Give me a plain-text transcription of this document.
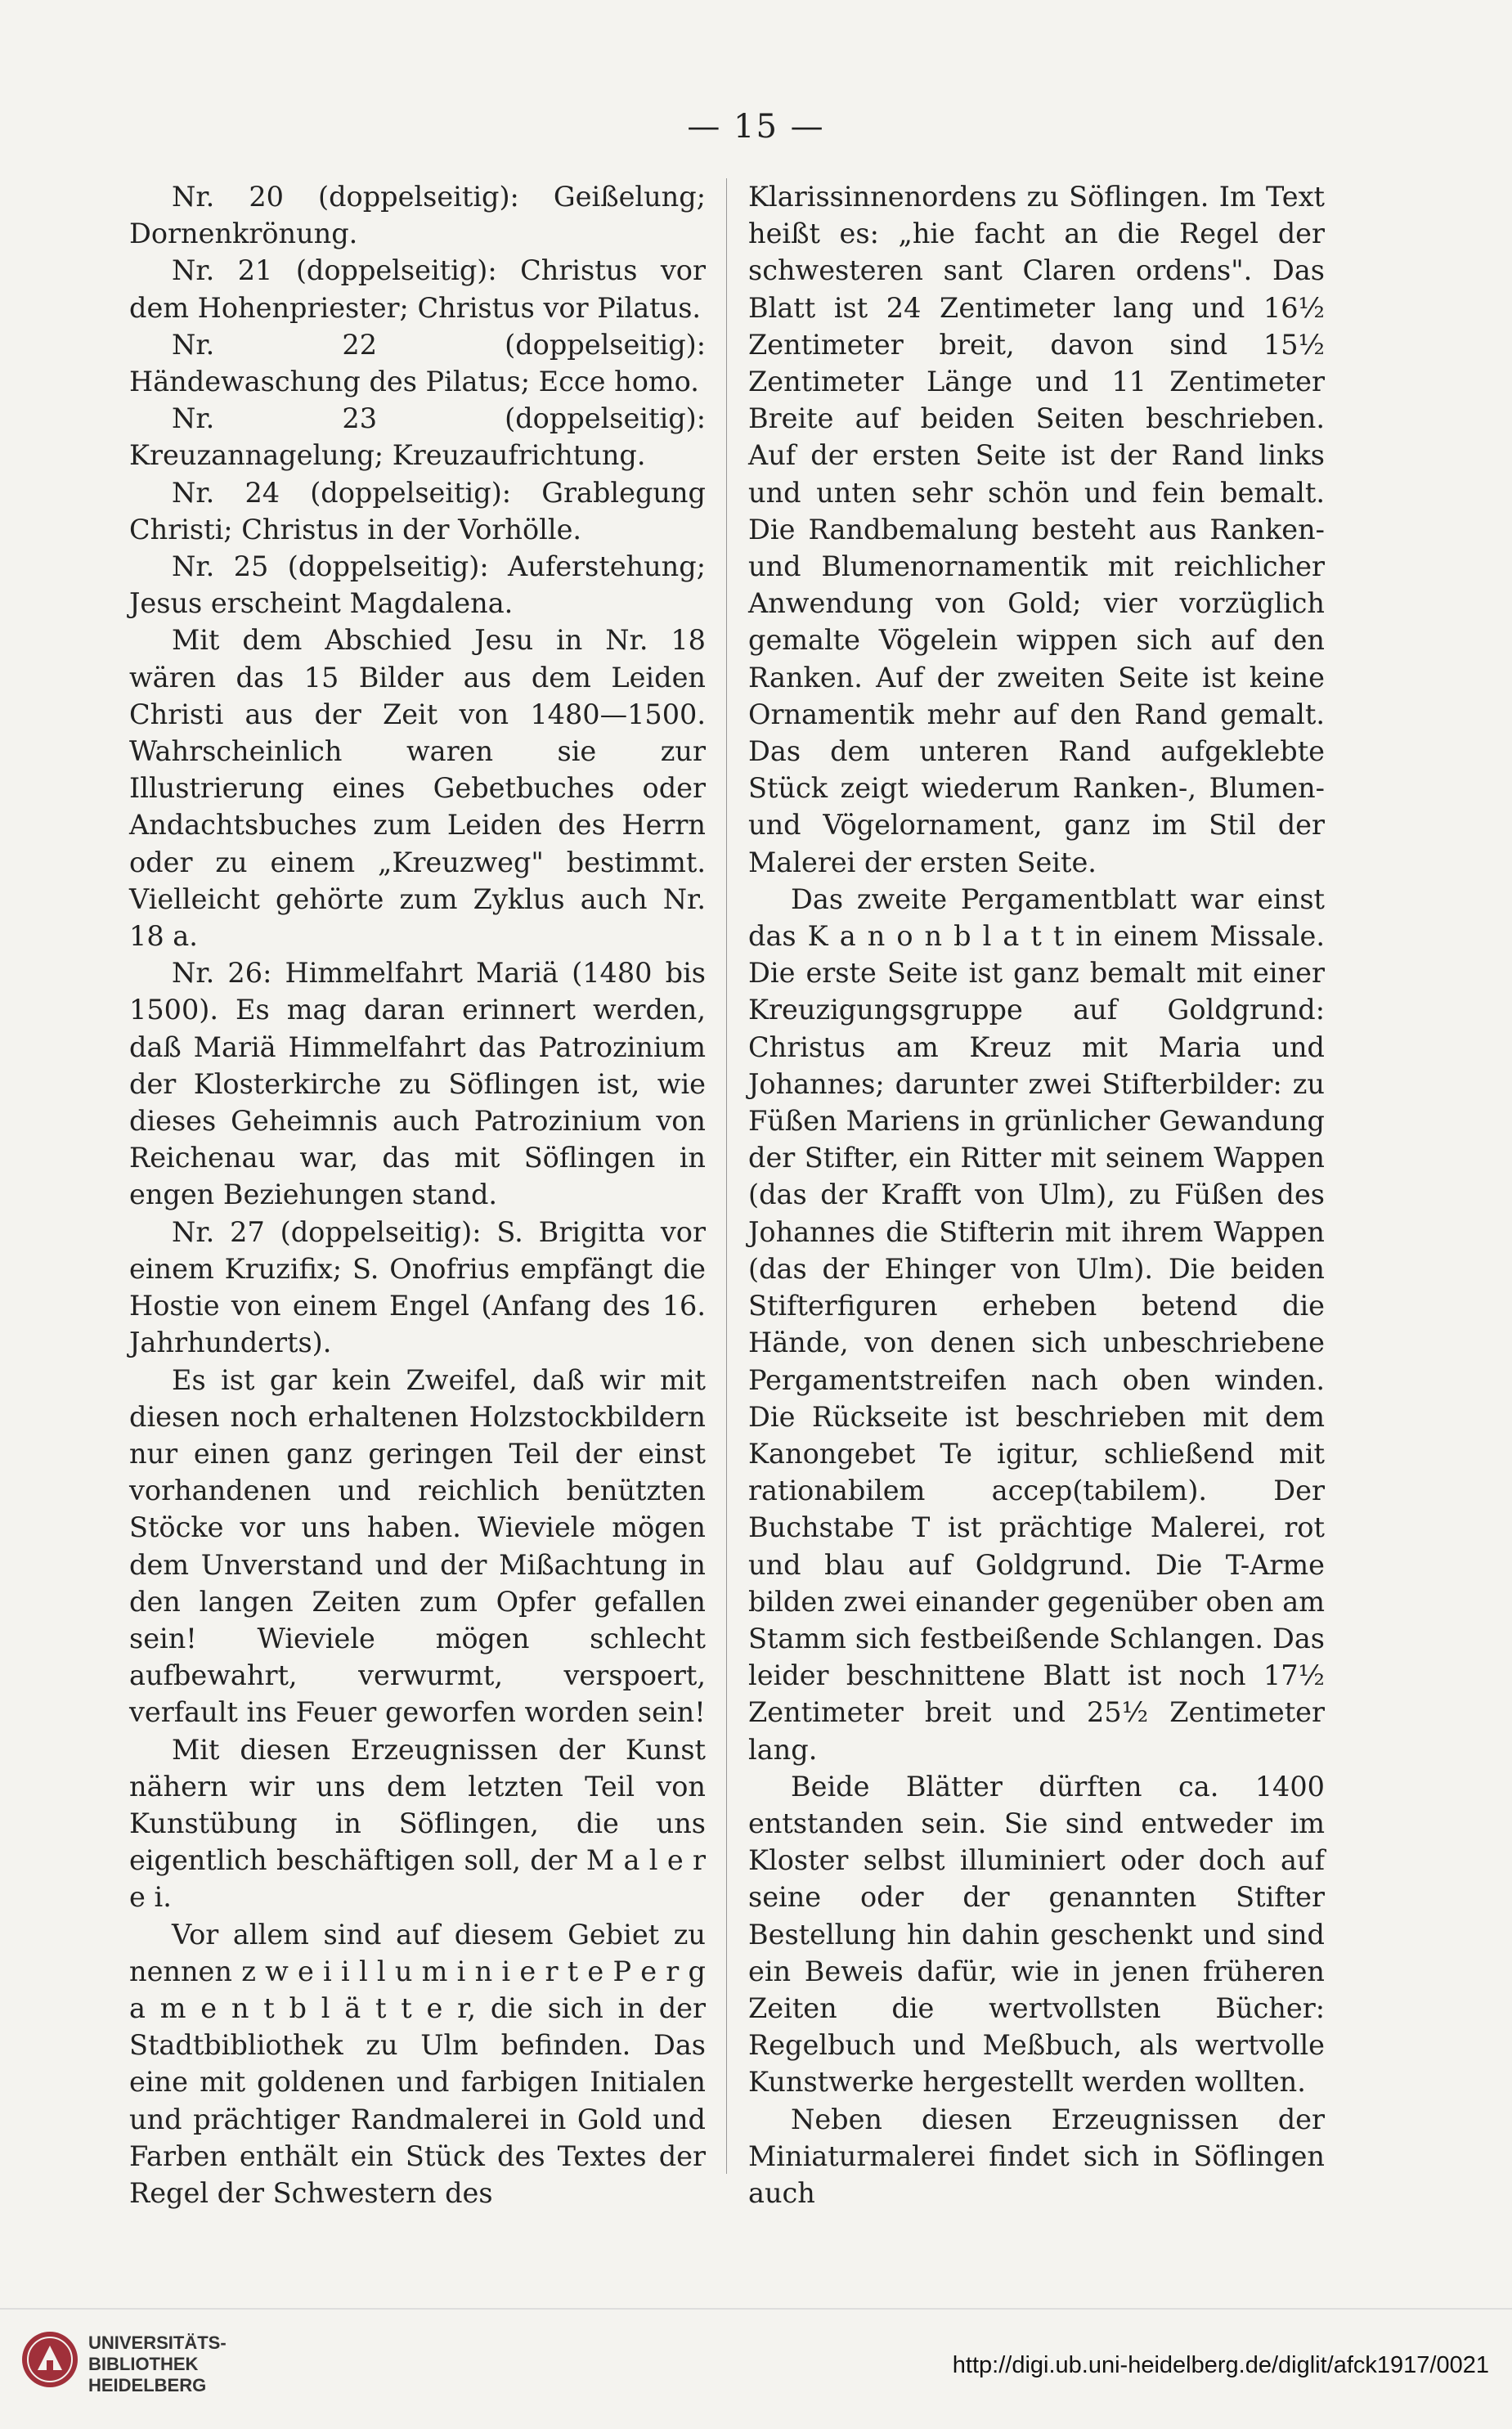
— 15 —

Nr. 20 (doppelseitig): Geißelung; Dornenkrönung.

Nr. 21 (doppelseitig): Christus vor dem Hohenpriester; Christus vor Pilatus.

Nr. 22 (doppelseitig): Händewaschung des Pilatus; Ecce homo.

Nr. 23 (doppelseitig): Kreuzannagelung; Kreuzaufrichtung.

Nr. 24 (doppelseitig): Grablegung Christi; Christus in der Vorhölle.

Nr. 25 (doppelseitig): Auferstehung; Jesus erscheint Magdalena.

Mit dem Abschied Jesu in Nr. 18 wären das 15 Bilder aus dem Leiden Christi aus der Zeit von 1480—1500. Wahrscheinlich waren sie zur Illustrierung eines Gebetbuches oder Andachtsbuches zum Leiden des Herrn oder zu einem „Kreuzweg" bestimmt. Vielleicht gehörte zum Zyklus auch Nr. 18 a.

Nr. 26: Himmelfahrt Mariä (1480 bis 1500). Es mag daran erinnert werden, daß Mariä Himmelfahrt das Patrozinium der Klosterkirche zu Söflingen ist, wie dieses Geheimnis auch Patrozinium von Reichenau war, das mit Söflingen in engen Beziehungen stand.

Nr. 27 (doppelseitig): S. Brigitta vor einem Kruzifix; S. Onofrius empfängt die Hostie von einem Engel (Anfang des 16. Jahrhunderts).

Es ist gar kein Zweifel, daß wir mit diesen noch erhaltenen Holzstockbildern nur einen ganz geringen Teil der einst vorhandenen und reichlich benützten Stöcke vor uns haben. Wieviele mögen dem Unverstand und der Mißachtung in den langen Zeiten zum Opfer gefallen sein! Wieviele mögen schlecht aufbewahrt, verwurmt, verspoert, verfault ins Feuer geworfen worden sein!

Mit diesen Erzeugnissen der Kunst nähern wir uns dem letzten Teil von Kunstübung in Söflingen, die uns eigentlich beschäftigen soll, der M a l e r e i.

Vor allem sind auf diesem Gebiet zu nennen z w e i i l l u m i n i e r t e P e r g a m e n t b l ä t t e r, die sich in der Stadtbibliothek zu Ulm befinden. Das eine mit goldenen und farbigen Initialen und prächtiger Randmalerei in Gold und Farben enthält ein Stück des Textes der Regel der Schwestern des

Klarissinnenordens zu Söflingen. Im Text heißt es: „hie facht an die Regel der schwesteren sant Claren ordens". Das Blatt ist 24 Zentimeter lang und 16½ Zentimeter breit, davon sind 15½ Zentimeter Länge und 11 Zentimeter Breite auf beiden Seiten beschrieben. Auf der ersten Seite ist der Rand links und unten sehr schön und fein bemalt. Die Randbemalung besteht aus Ranken- und Blumenornamentik mit reichlicher Anwendung von Gold; vier vorzüglich gemalte Vögelein wippen sich auf den Ranken. Auf der zweiten Seite ist keine Ornamentik mehr auf den Rand gemalt. Das dem unteren Rand aufgeklebte Stück zeigt wiederum Ranken-, Blumen- und Vögelornament, ganz im Stil der Malerei der ersten Seite.

Das zweite Pergamentblatt war einst das K a n o n b l a t t in einem Missale. Die erste Seite ist ganz bemalt mit einer Kreuzigungsgruppe auf Goldgrund: Christus am Kreuz mit Maria und Johannes; darunter zwei Stifterbilder: zu Füßen Mariens in grünlicher Gewandung der Stifter, ein Ritter mit seinem Wappen (das der Krafft von Ulm), zu Füßen des Johannes die Stifterin mit ihrem Wappen (das der Ehinger von Ulm). Die beiden Stifterfiguren erheben betend die Hände, von denen sich unbeschriebene Pergamentstreifen nach oben winden. Die Rückseite ist beschrieben mit dem Kanongebet Te igitur, schließend mit rationabilem accep(tabilem). Der Buchstabe T ist prächtige Malerei, rot und blau auf Goldgrund. Die T-Arme bilden zwei einander gegenüber oben am Stamm sich festbeißende Schlangen. Das leider beschnittene Blatt ist noch 17½ Zentimeter breit und 25½ Zentimeter lang.

Beide Blätter dürften ca. 1400 entstanden sein. Sie sind entweder im Kloster selbst illuminiert oder doch auf seine oder der genannten Stifter Bestellung hin dahin geschenkt und sind ein Beweis dafür, wie in jenen früheren Zeiten die wertvollsten Bücher: Regelbuch und Meßbuch, als wertvolle Kunstwerke hergestellt werden wollten.

Neben diesen Erzeugnissen der Miniaturmalerei findet sich in Söflingen auch

UNIVERSITÄTS-
BIBLIOTHEK
HEIDELBERG
http://digi.ub.uni-heidelberg.de/diglit/afck1917/0021
